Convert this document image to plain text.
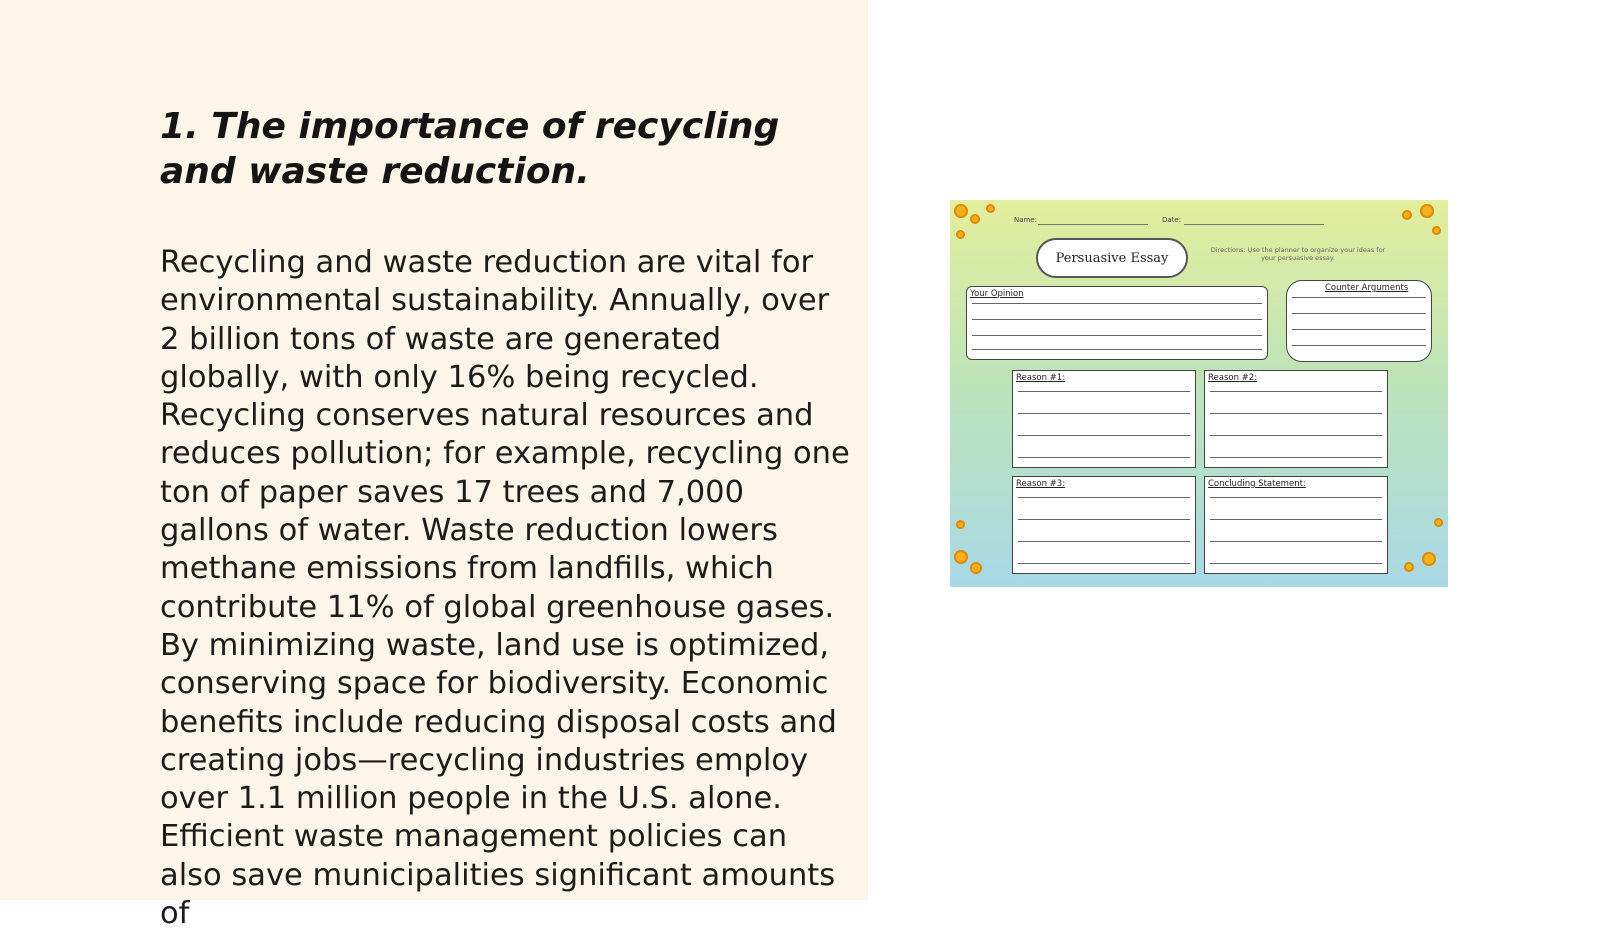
1. The importance of recycling and waste reduction.

Recycling and waste reduction are vital for environmental sustainability. Annually, over 2 billion tons of waste are generated globally, with only 16% being recycled. Recycling conserves natural resources and reduces pollution; for example, recycling one ton of paper saves 17 trees and 7,000 gallons of water. Waste reduction lowers methane emissions from landfills, which contribute 11% of global greenhouse gases. By minimizing waste, land use is optimized, conserving space for biodiversity. Economic benefits include reducing disposal costs and creating jobs—recycling industries employ over 1.1 million people in the U.S. alone. Efficient waste management policies can also save municipalities significant amounts of

Name:	Date:
Persuasive Essay
Directions: Use the planner to organize your ideas for your persuasive essay.
Your Opinion
Counter Arguments
Reason #1:	Reason #2:
Reason #3:	Concluding Statement:
